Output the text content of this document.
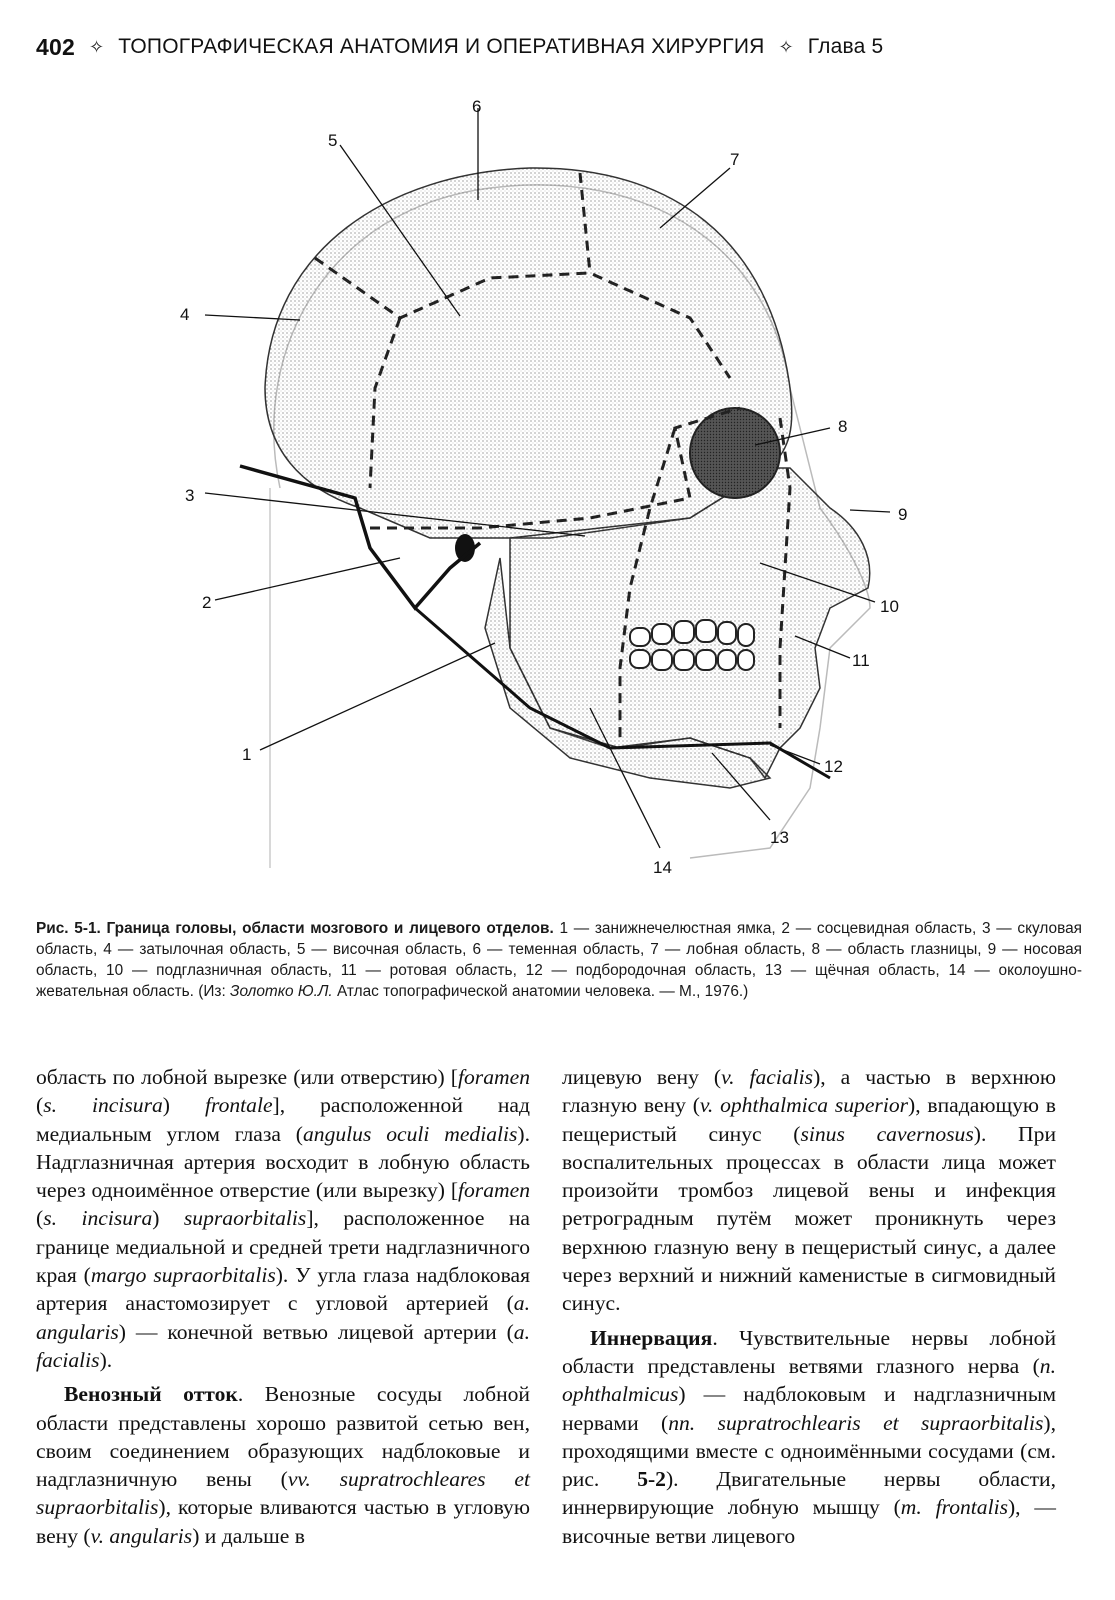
402 ✧ ТОПОГРАФИЧЕСКАЯ АНАТОМИЯ И ОПЕРАТИВНАЯ ХИРУРГИЯ ✧ Глава 5
1
2
3
4
5
6
7
8
9
10
11
12
13
14
Рис. 5-1. Граница головы, области мозгового и лицевого отделов. 1 — занижнечелюстная ямка, 2 — сосцевидная область, 3 — скуловая область, 4 — затылочная область, 5 — височная область, 6 — теменная область, 7 — лобная область, 8 — область глазницы, 9 — носовая область, 10 — подглазничная область, 11 — ротовая область, 12 — подбородочная область, 13 — щёчная область, 14 — околоушно-жевательная область. (Из: Золотко Ю.Л. Атлас топографической анатомии человека. — М., 1976.)

область по лобной вырезке (или отверстию) [foramen (s. incisura) frontale], расположенной над медиальным углом глаза (angulus oculi medialis). Надглазничная артерия восходит в лобную область через одноимённое отверстие (или вырезку) [foramen (s. incisura) supraorbitalis], расположенное на границе медиальной и средней трети надглазничного края (margo supraorbitalis). У угла глаза надблоковая артерия анастомозирует с угловой артерией (a. angularis) — конечной ветвью лицевой артерии (a. facialis).

Венозный отток. Венозные сосуды лобной области представлены хорошо развитой сетью вен, своим соединением образующих надблоковые и надглазничную вены (vv. supratrochleares et supraorbitalis), которые вливаются частью в угловую вену (v. angularis) и дальше в

лицевую вену (v. facialis), а частью в верхнюю глазную вену (v. ophthalmica superior), впадающую в пещеристый синус (sinus cavernosus). При воспалительных процессах в области лица может произойти тромбоз лицевой вены и инфекция ретроградным путём может проникнуть через верхнюю глазную вену в пещеристый синус, а далее через верхний и нижний каменистые в сигмовидный синус.

Иннервация. Чувствительные нервы лобной области представлены ветвями глазного нерва (n. ophthalmicus) — надблоковым и надглазничным нервами (nn. supratrochlearis et supraorbitalis), проходящими вместе с одноимёнными сосудами (см. рис. 5-2). Двигательные нервы области, иннервирующие лобную мышцу (m. frontalis), — височные ветви лицевого
